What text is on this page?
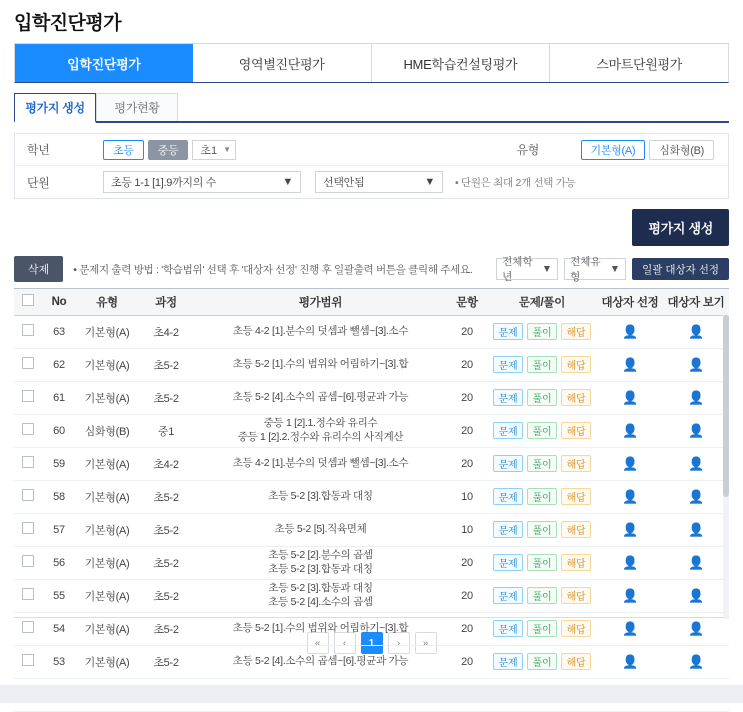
입학진단평가
입학진단평가	영역별진단평가	HME학습컨설팅평가	스마트단원평가
평가지 생성 평가현황
학년	초등	중등	초1 ▼	유형	기본형(A)	심화형(B)
단원	초등 1-1 [1].9까지의 수	▼	선택안됨	▼ • 단원은 최대 2개 선택 가능
평가지 생성
삭제	• 문제지 출력 방법 : '학습범위' 선택 후 '대상자 선정' 진행 후 일괄출력 버튼을 클릭해 주세요.
전체학년
▼
전체유형
▼	일괄 대상자 선정
	No	유형	과정	평가범위	문항	문제/풀이	대상자 선정	대상자 보기
	63	기본형(A)	초4-2	초등 4-2 [1].분수의 덧셈과 뺄셈~[3].소수	20	문제 풀이 해답	👤	👤
	62	기본형(A)	초5-2	초등 5-2 [1].수의 범위와 어림하기~[3].합	20	문제 풀이 해답	👤	👤
	61	기본형(A)	초5-2	초등 5-2 [4].소수의 곱셈~[6].평균과 가능	20	문제 풀이 해답	👤	👤
	60	심화형(B)	중1	중등 1 [2].1.정수와 유리수
중등 1 [2].2.정수와 유리수의 사직계산	20	문제 풀이 해답	👤	👤
	59	기본형(A)	초4-2	초등 4-2 [1].분수의 덧셈과 뺄셈~[3].소수	20	문제 풀이 해답	👤	👤
	58	기본형(A)	초5-2	초등 5-2 [3].합동과 대칭	10	문제 풀이 해답	👤	👤
	57	기본형(A)	초5-2	초등 5-2 [5].직육면체	10	문제 풀이 해답	👤	👤
	56	기본형(A)	초5-2	초등 5-2 [2].분수의 곱셈
초등 5-2 [3].합동과 대칭	20	문제 풀이 해답	👤	👤
	55	기본형(A)	초5-2	초등 5-2 [3].합동과 대칭
초등 5-2 [4].소수의 곱셈	20	문제 풀이 해답	👤	👤
	54	기본형(A)	초5-2	초등 5-2 [1].수의 범위와 어림하기~[3].합	20	문제 풀이 해답	👤	👤
	53	기본형(A)	초5-2	초등 5-2 [4].소수의 곱셈~[6].평균과 가능	20	문제 풀이 해답	👤	👤

«	‹	1	›	»
